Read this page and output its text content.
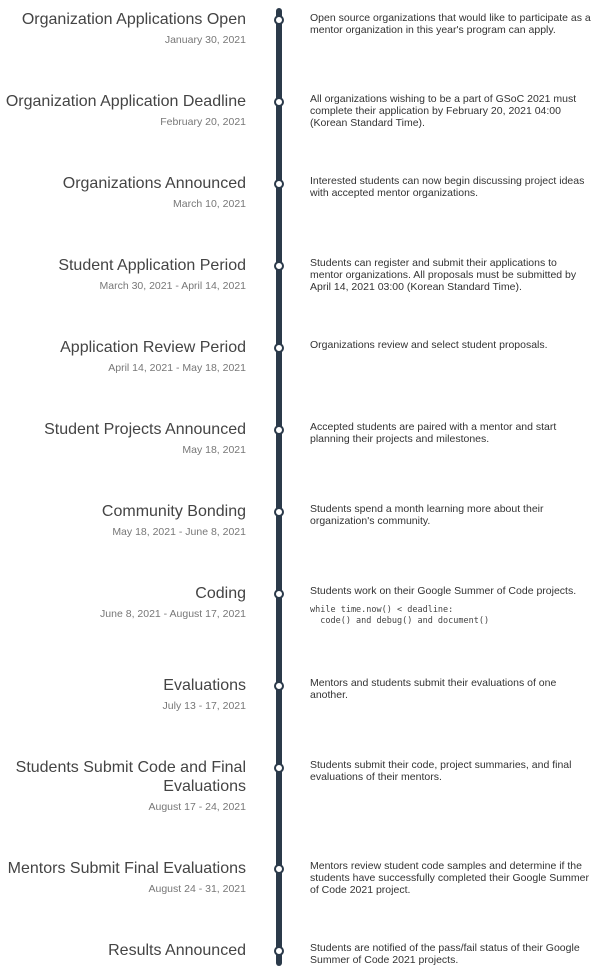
Organization Applications Open
January 30, 2021
Open source organizations that would like to participate as a mentor organization in this year's program can apply.
Organization Application Deadline
February 20, 2021
All organizations wishing to be a part of GSoC 2021 must complete their application by February 20, 2021 04:00 (Korean Standard Time).
Organizations Announced
March 10, 2021
Interested students can now begin discussing project ideas with accepted mentor organizations.
Student Application Period
March 30, 2021 - April 14, 2021
Students can register and submit their applications to mentor organizations. All proposals must be submitted by April 14, 2021 03:00 (Korean Standard Time).
Application Review Period
April 14, 2021 - May 18, 2021
Organizations review and select student proposals.
Student Projects Announced
May 18, 2021
Accepted students are paired with a mentor and start planning their projects and milestones.
Community Bonding
May 18, 2021 - June 8, 2021
Students spend a month learning more about their organization's community.
Coding
June 8, 2021 - August 17, 2021
Students work on their Google Summer of Code projects.
while time.now() < deadline:
code() and debug() and document()
Evaluations
July 13 - 17, 2021
Mentors and students submit their evaluations of one another.
Students Submit Code and Final Evaluations
August 17 - 24, 2021
Students submit their code, project summaries, and final evaluations of their mentors.
Mentors Submit Final Evaluations
August 24 - 31, 2021
Mentors review student code samples and determine if the students have successfully completed their Google Summer of Code 2021 project.
Results Announced	Students are notified of the pass/fail status of their Google Summer of Code 2021 projects.
